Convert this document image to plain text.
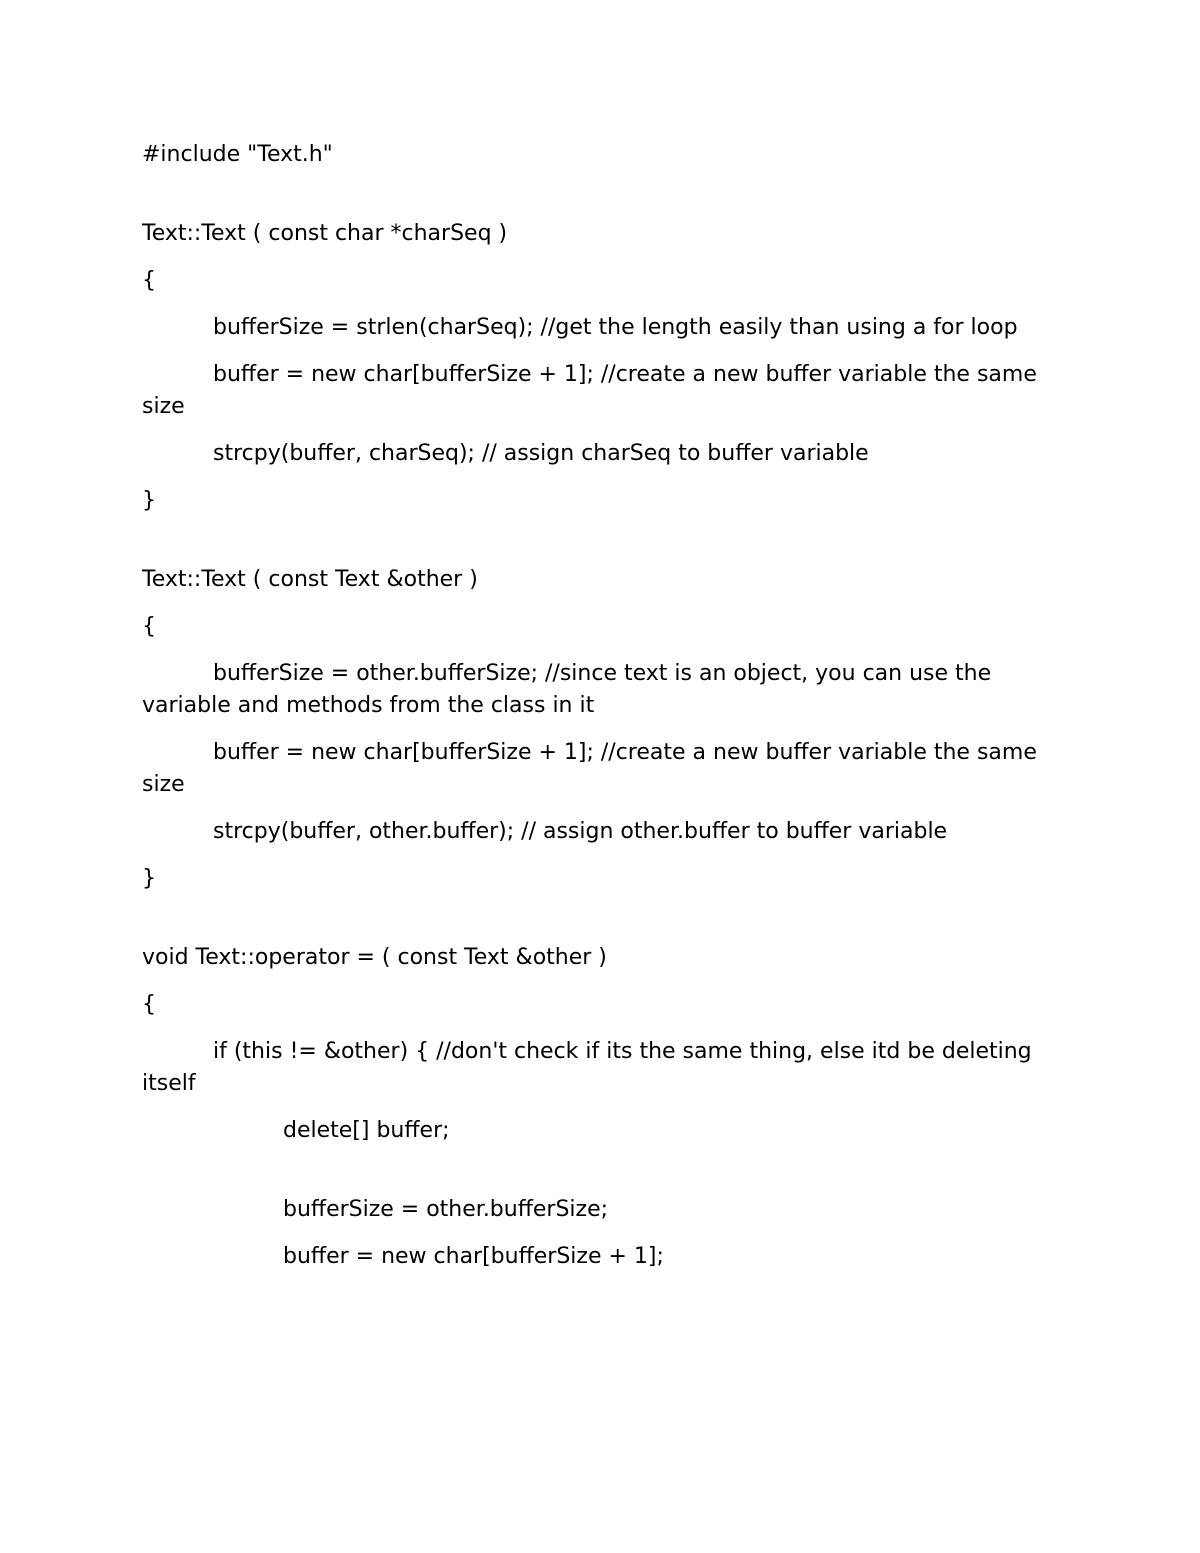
#include "Text.h"

Text::Text ( const char *charSeq )

{

bufferSize = strlen(charSeq); //get the length easily than using a for loop

buffer = new char[bufferSize + 1]; //create a new buffer variable the same size

strcpy(buffer, charSeq); // assign charSeq to buffer variable

}

Text::Text ( const Text &other )

{

bufferSize = other.bufferSize; //since text is an object, you can use the variable and methods from the class in it

buffer = new char[bufferSize + 1]; //create a new buffer variable the same size

strcpy(buffer, other.buffer); // assign other.buffer to buffer variable

}

void Text::operator = ( const Text &other )

{

if (this != &other) { //don't check if its the same thing, else itd be deleting itself

delete[] buffer;

bufferSize = other.bufferSize;

buffer = new char[bufferSize + 1];
